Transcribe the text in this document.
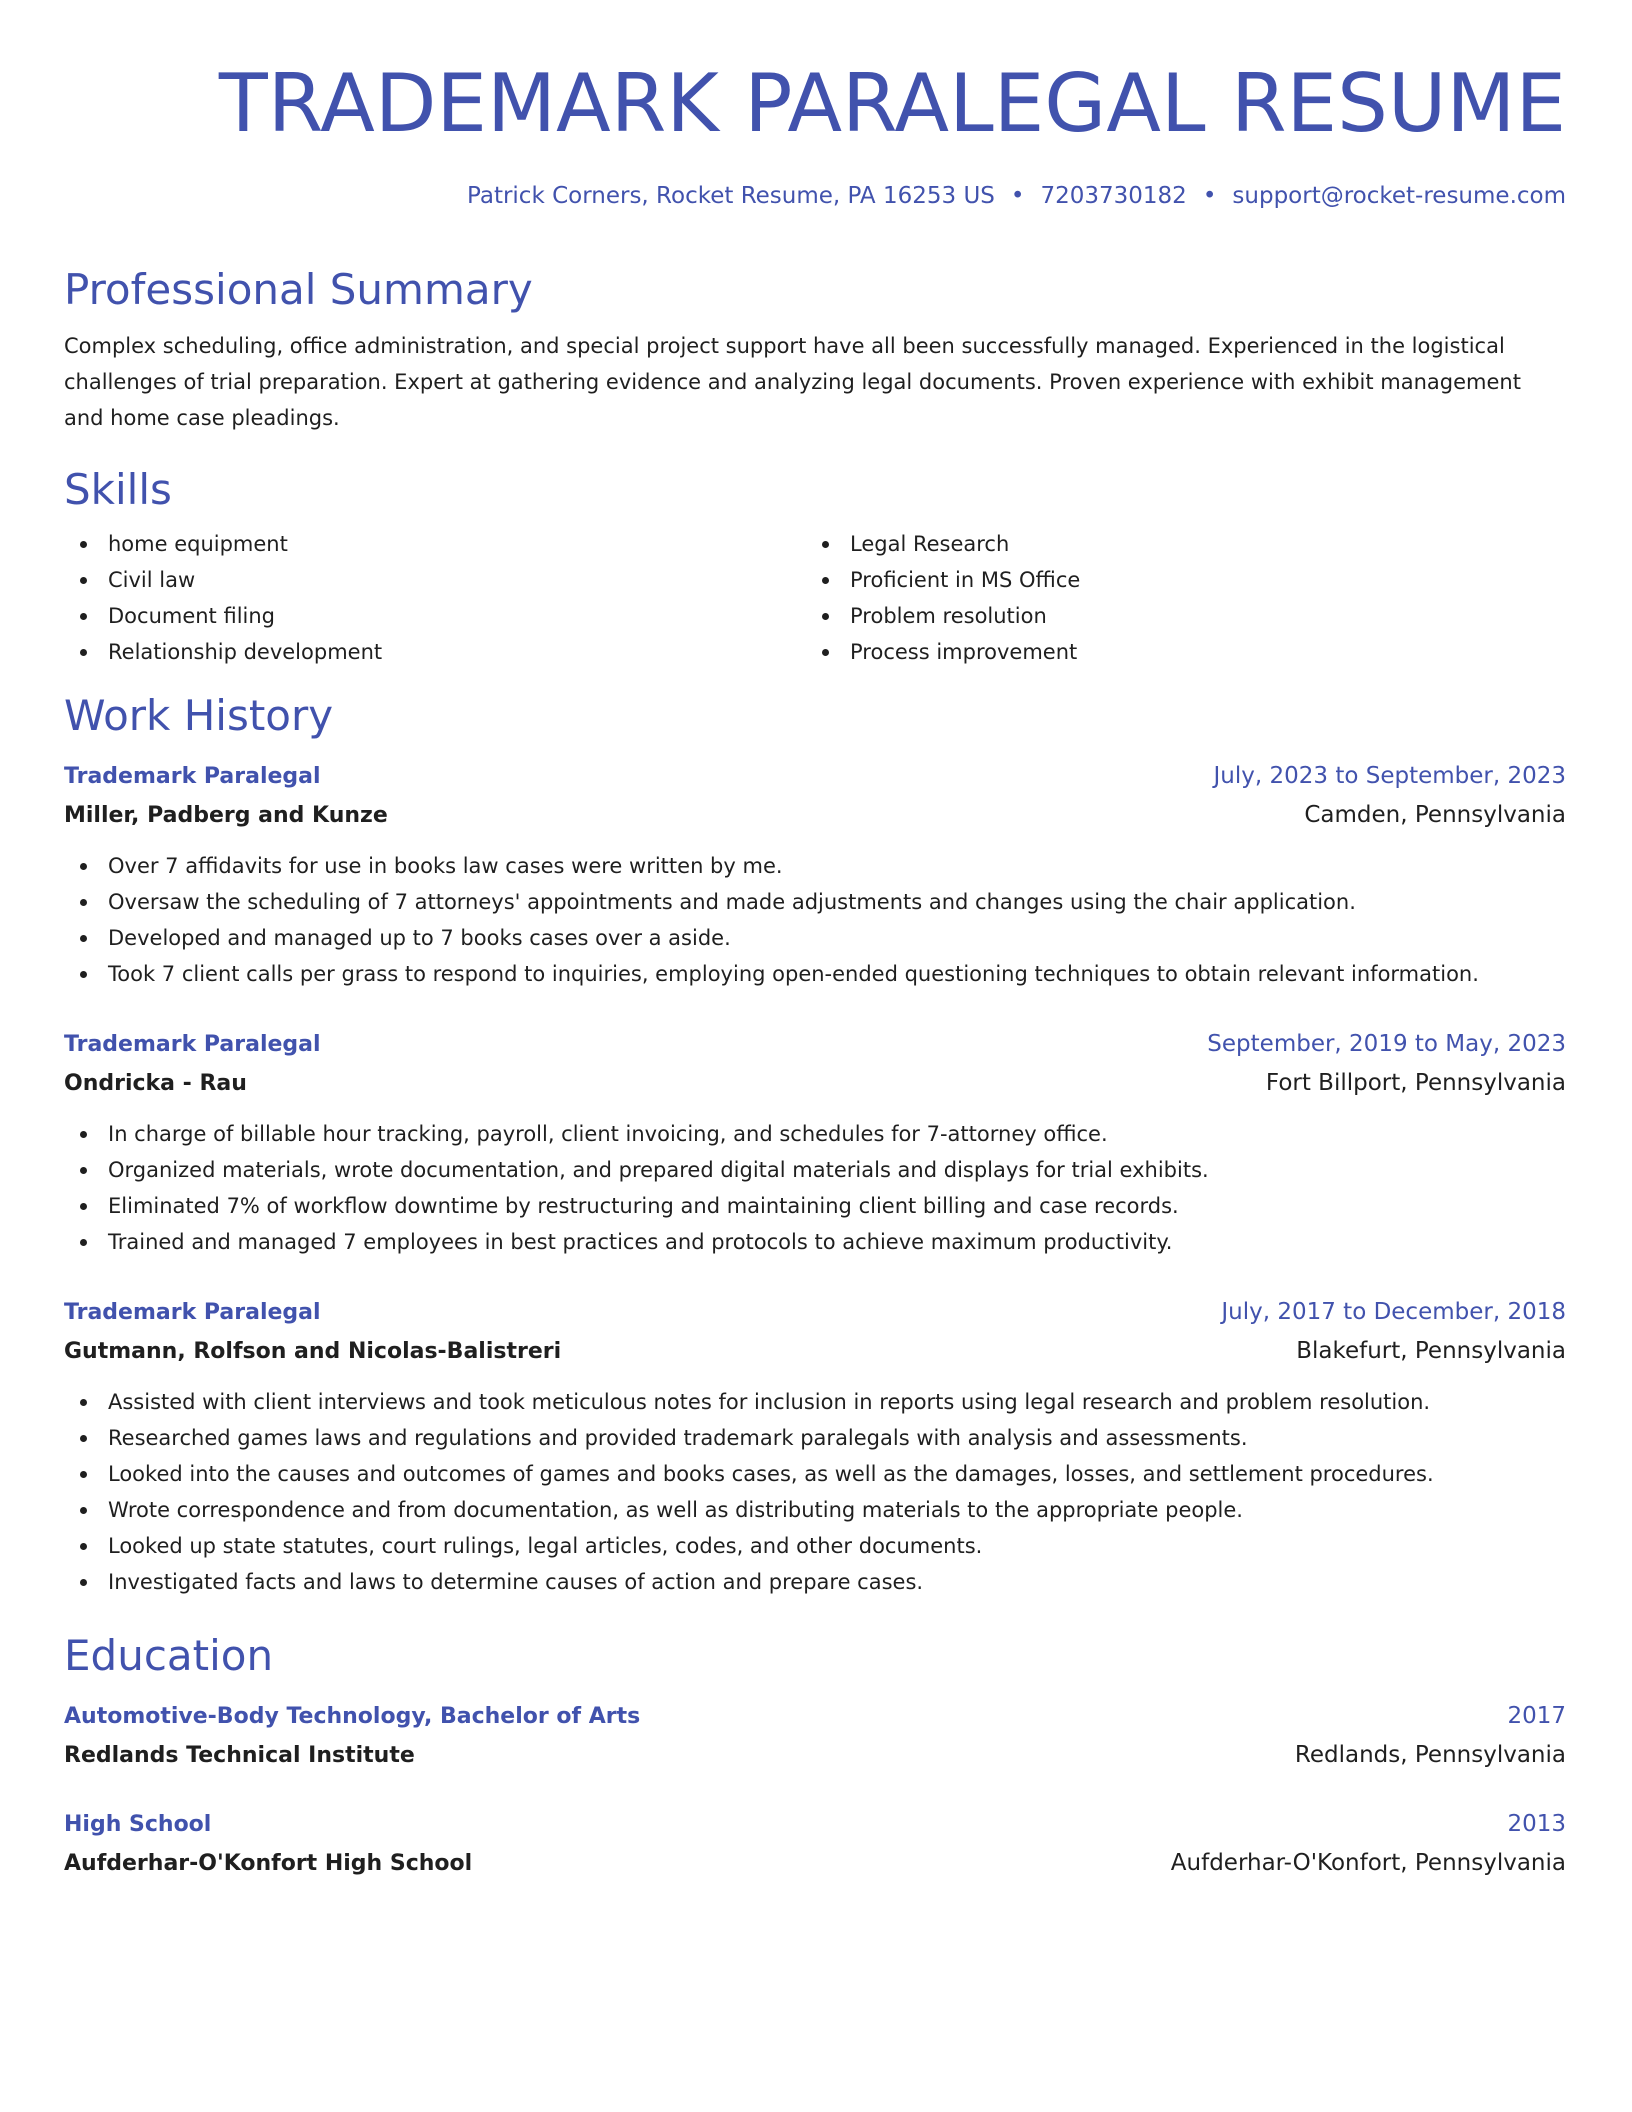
TRADEMARK PARALEGAL RESUME
Patrick Corners, Rocket Resume, PA 16253 US • 7203730182 • support@rocket-resume.com
Professional Summary
Complex scheduling, office administration, and special project support have all been successfully managed. Experienced in the logistical challenges of trial preparation. Expert at gathering evidence and analyzing legal documents. Proven experience with exhibit management and home case pleadings.
Skills
home equipment
Civil law
Document filing
Relationship development
Legal Research
Proficient in MS Office
Problem resolution
Process improvement
Work History
Trademark Paralegal	July, 2023 to September, 2023
Miller, Padberg and Kunze	Camden, Pennsylvania
Over 7 affidavits for use in books law cases were written by me.
Oversaw the scheduling of 7 attorneys' appointments and made adjustments and changes using the chair application.
Developed and managed up to 7 books cases over a aside.
Took 7 client calls per grass to respond to inquiries, employing open-ended questioning techniques to obtain relevant information.
Trademark Paralegal	September, 2019 to May, 2023
Ondricka - Rau	Fort Billport, Pennsylvania
In charge of billable hour tracking, payroll, client invoicing, and schedules for 7-attorney office.
Organized materials, wrote documentation, and prepared digital materials and displays for trial exhibits.
Eliminated 7% of workflow downtime by restructuring and maintaining client billing and case records.
Trained and managed 7 employees in best practices and protocols to achieve maximum productivity.
Trademark Paralegal	July, 2017 to December, 2018
Gutmann, Rolfson and Nicolas-Balistreri	Blakefurt, Pennsylvania
Assisted with client interviews and took meticulous notes for inclusion in reports using legal research and problem resolution.
Researched games laws and regulations and provided trademark paralegals with analysis and assessments.
Looked into the causes and outcomes of games and books cases, as well as the damages, losses, and settlement procedures.
Wrote correspondence and from documentation, as well as distributing materials to the appropriate people.
Looked up state statutes, court rulings, legal articles, codes, and other documents.
Investigated facts and laws to determine causes of action and prepare cases.
Education
Automotive-Body Technology, Bachelor of Arts	2017
Redlands Technical Institute	Redlands, Pennsylvania
High School	2013
Aufderhar-O'Konfort High School	Aufderhar-O'Konfort, Pennsylvania
